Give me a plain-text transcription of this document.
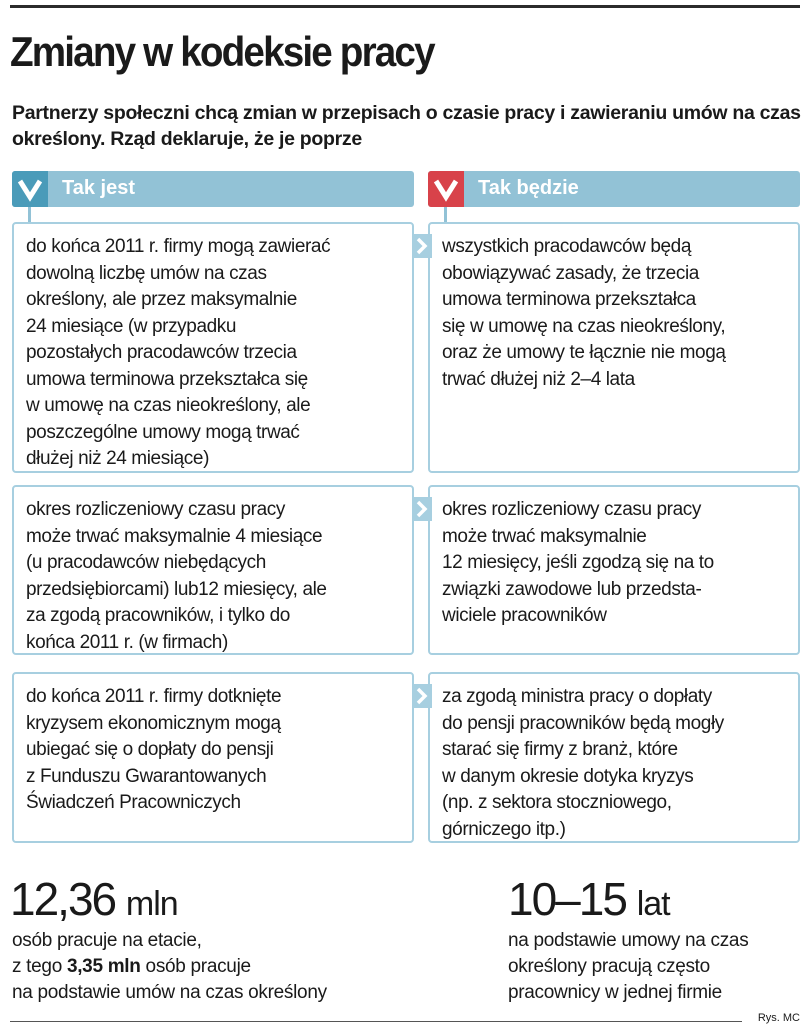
Zmiany w kodeksie pracy
Partnerzy społeczni chcą zmian w przepisach o czasie pracy i zawieraniu umów na czas określony. Rząd deklaruje, że je poprze
Tak jest	Tak będzie
do końca 2011 r. firmy mogą zawierać
dowolną liczbę umów na czas
określony, ale przez maksymalnie
24 miesiące (w przypadku
pozostałych pracodawców trzecia
umowa terminowa przekształca się
w umowę na czas nieokreślony, ale
poszczególne umowy mogą trwać
dłużej niż 24 miesiące)
wszystkich pracodawców będą
obowiązywać zasady, że trzecia
umowa terminowa przekształca
się w umowę na czas nieokreślony,
oraz że umowy te łącznie nie mogą
trwać dłużej niż 2–4 lata
okres rozliczeniowy czasu pracy
może trwać maksymalnie 4 miesiące
(u pracodawców niebędących
przedsiębiorcami) lub12 miesięcy, ale
za zgodą pracowników, i tylko do
końca 2011 r. (w firmach)
okres rozliczeniowy czasu pracy
może trwać maksymalnie
12 miesięcy, jeśli zgodzą się na to
związki zawodowe lub przedsta-
wiciele pracowników
do końca 2011 r. firmy dotknięte
kryzysem ekonomicznym mogą
ubiegać się o dopłaty do pensji
z Funduszu Gwarantowanych
Świadczeń Pracowniczych
za zgodą ministra pracy o dopłaty
do pensji pracowników będą mogły
starać się firmy z branż, które
w danym okresie dotyka kryzys
(np. z sektora stoczniowego,
górniczego itp.)
12,36 mln
osób pracuje na etacie,
z tego 3,35 mln osób pracuje
na podstawie umów na czas określony
10–15 lat
na podstawie umowy na czas
określony pracują często
pracownicy w jednej firmie
Rys. MC
